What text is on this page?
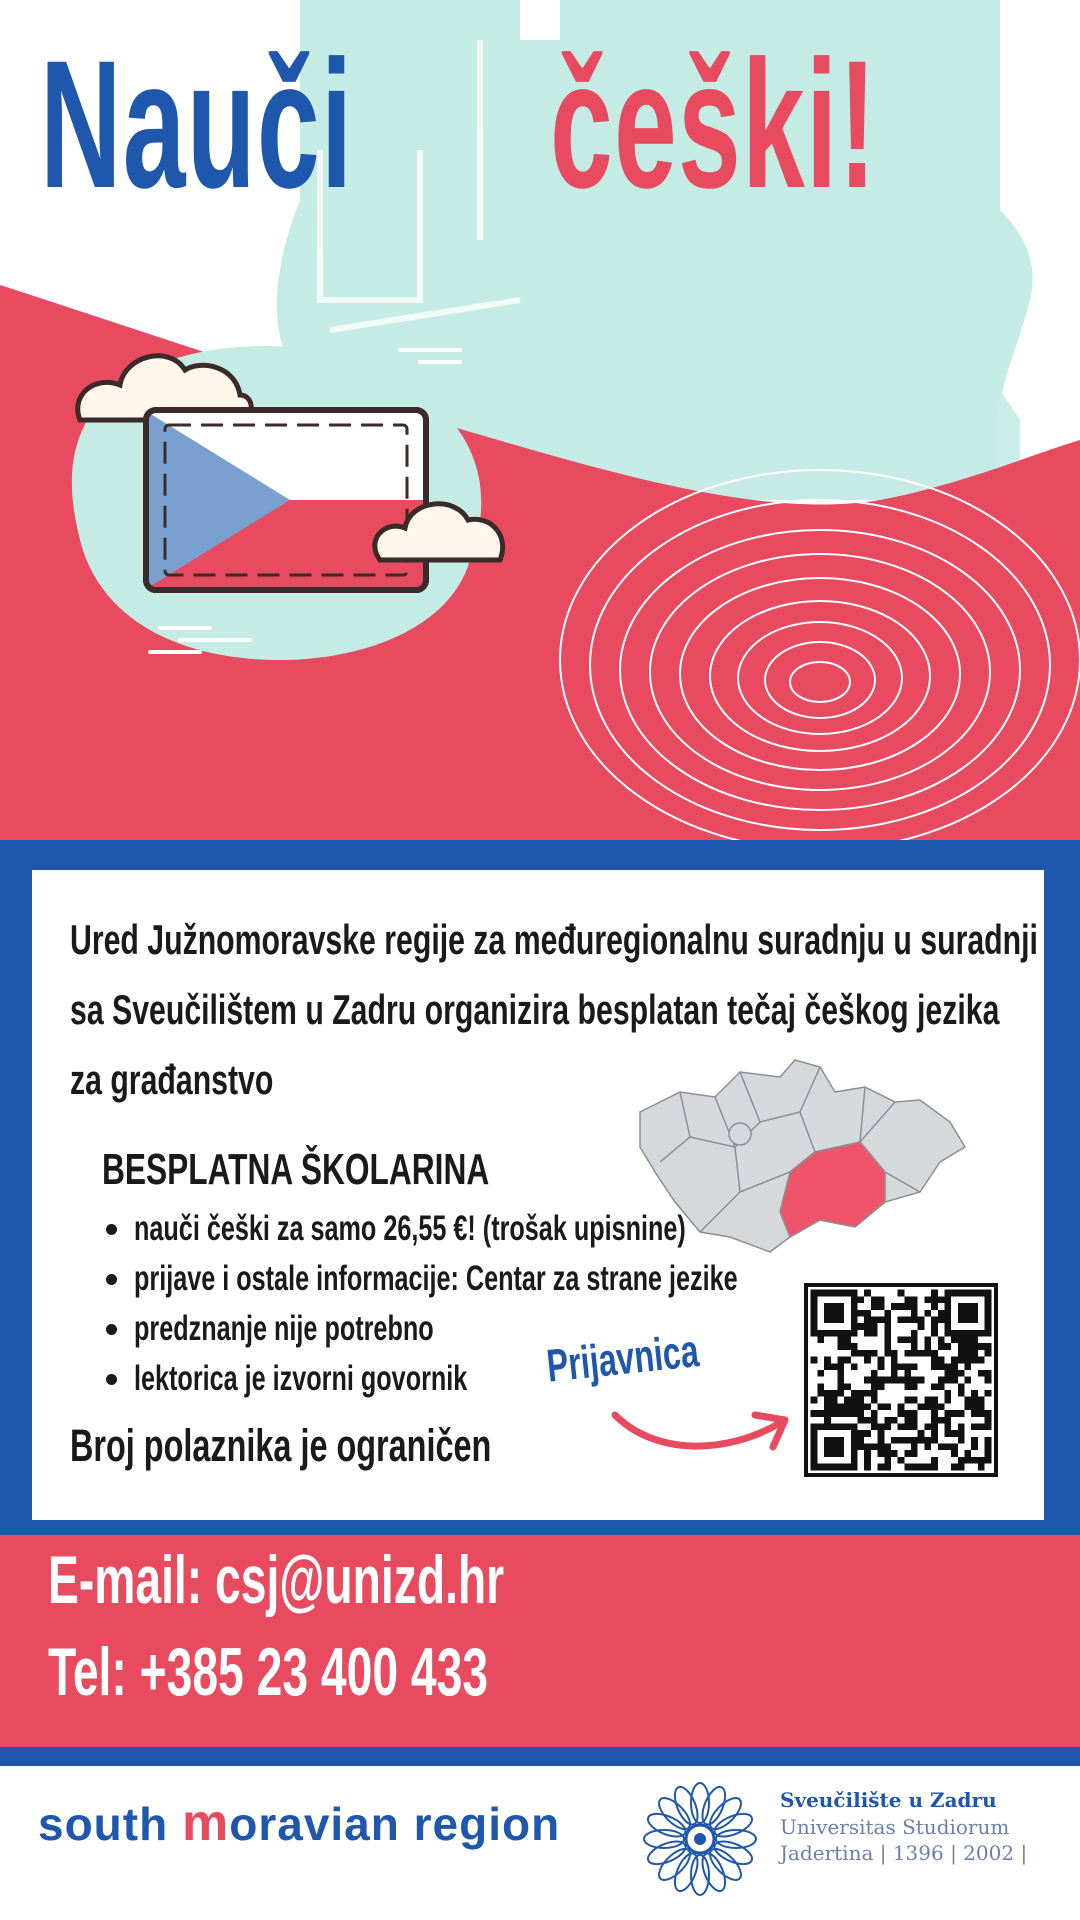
Nauči češki!
Ured Južnomoravske regije za međuregionalnu suradnju u suradnji
sa Sveučilištem u Zadru organizira besplatan tečaj češkog jezika
za građanstvo
BESPLATNA ŠKOLARINA
nauči češki za samo 26,55 €! (trošak upisnine)
prijave i ostale informacije: Centar za strane jezike
predznanje nije potrebno
lektorica je izvorni govornik
Broj polaznika je ograničen
Prijavnica
E-mail: csj@unizd.hr
Tel: +385 23 400 433
south moravian region	Sveučilište u Zadru
Universitas Studiorum
Jadertina | 1396 | 2002 |
